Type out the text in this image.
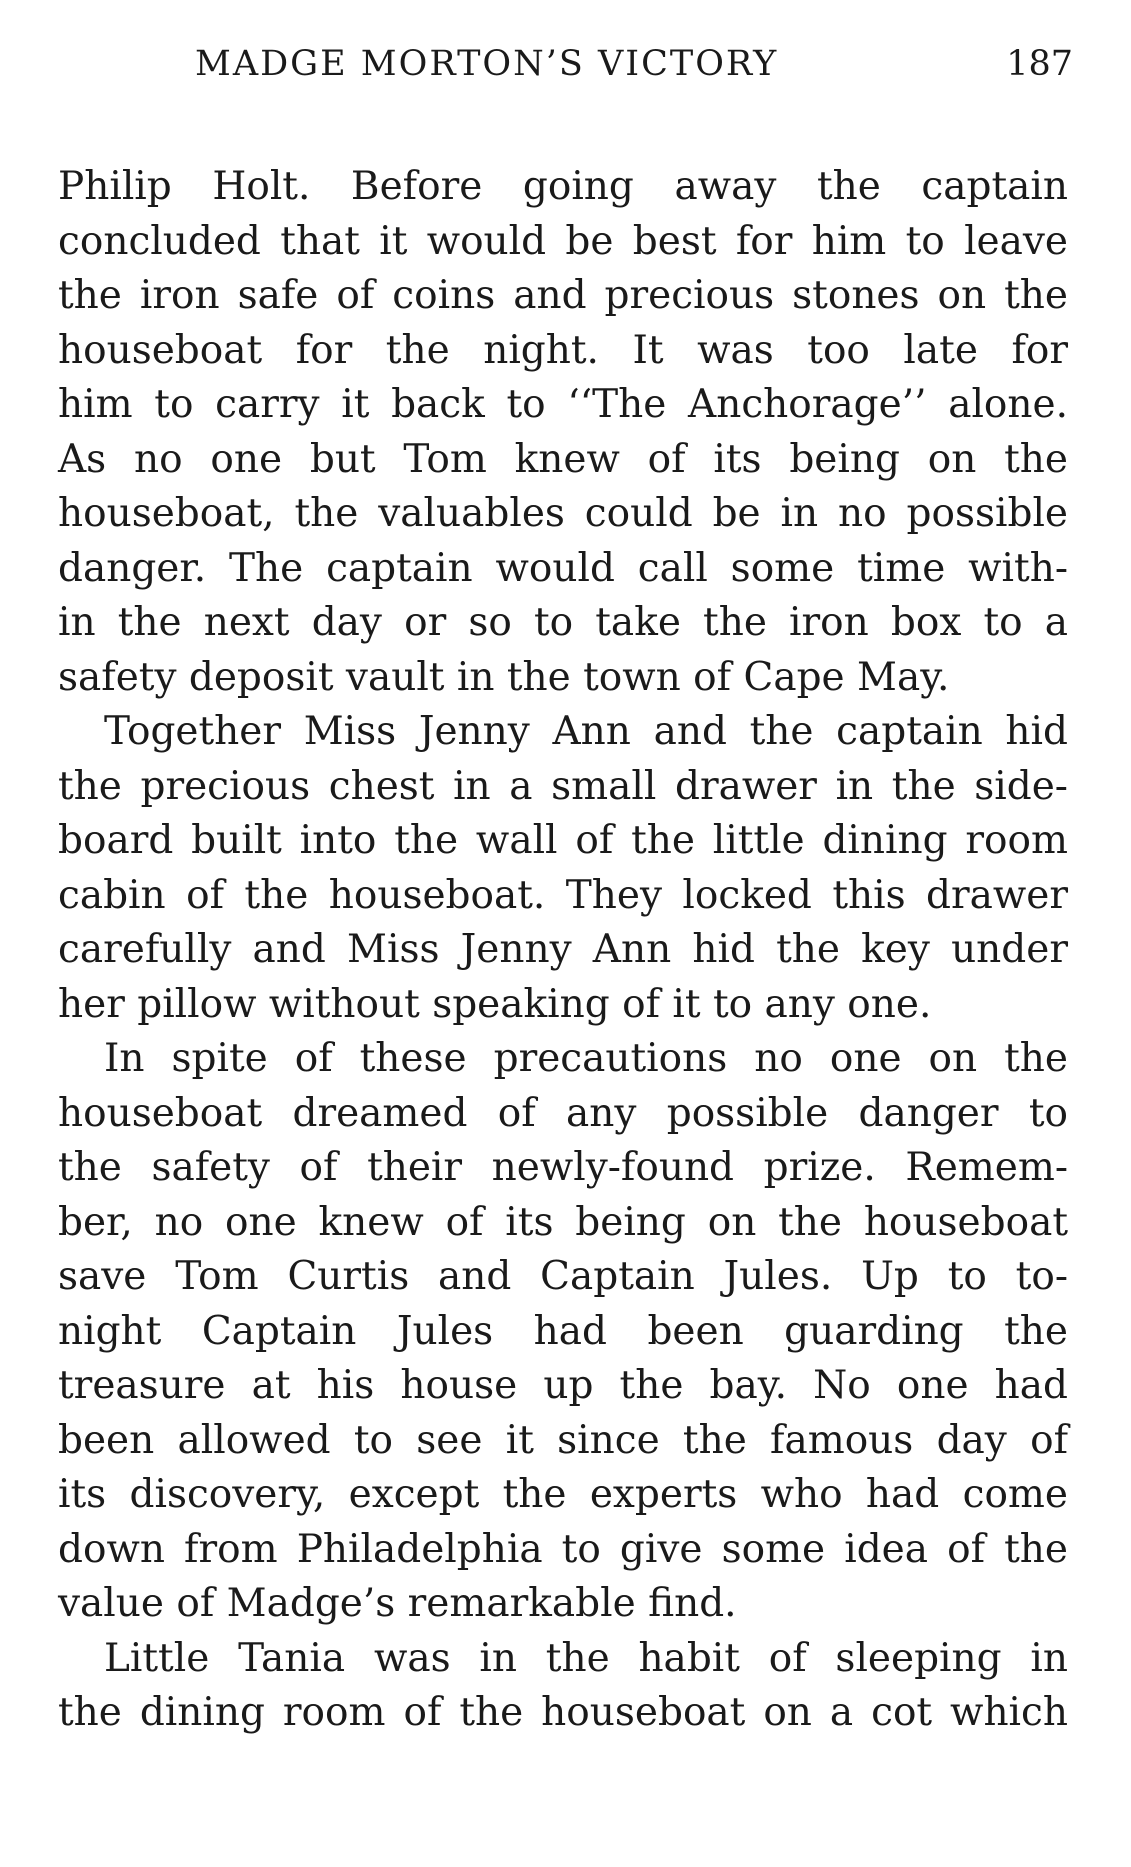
MADGE MORTON’S VICTORY	187
Philip Holt. Before going away the captain
concluded that it would be best for him to leave
the iron safe of coins and precious stones on the
houseboat for the night. It was too late for
him to carry it back to ‘‘The Anchorage’’ alone.
As no one but Tom knew of its being on the
houseboat, the valuables could be in no possible
danger. The captain would call some time with-
in the next day or so to take the iron box to a
safety deposit vault in the town of Cape May.
Together Miss Jenny Ann and the captain hid
the precious chest in a small drawer in the side-
board built into the wall of the little dining room
cabin of the houseboat. They locked this drawer
carefully and Miss Jenny Ann hid the key under
her pillow without speaking of it to any one.
In spite of these precautions no one on the
houseboat dreamed of any possible danger to
the safety of their newly-found prize. Remem-
ber, no one knew of its being on the houseboat
save Tom Curtis and Captain Jules. Up to to-
night Captain Jules had been guarding the
treasure at his house up the bay. No one had
been allowed to see it since the famous day of
its discovery, except the experts who had come
down from Philadelphia to give some idea of the
value of Madge’s remarkable find.
Little Tania was in the habit of sleeping in
the dining room of the houseboat on a cot which
